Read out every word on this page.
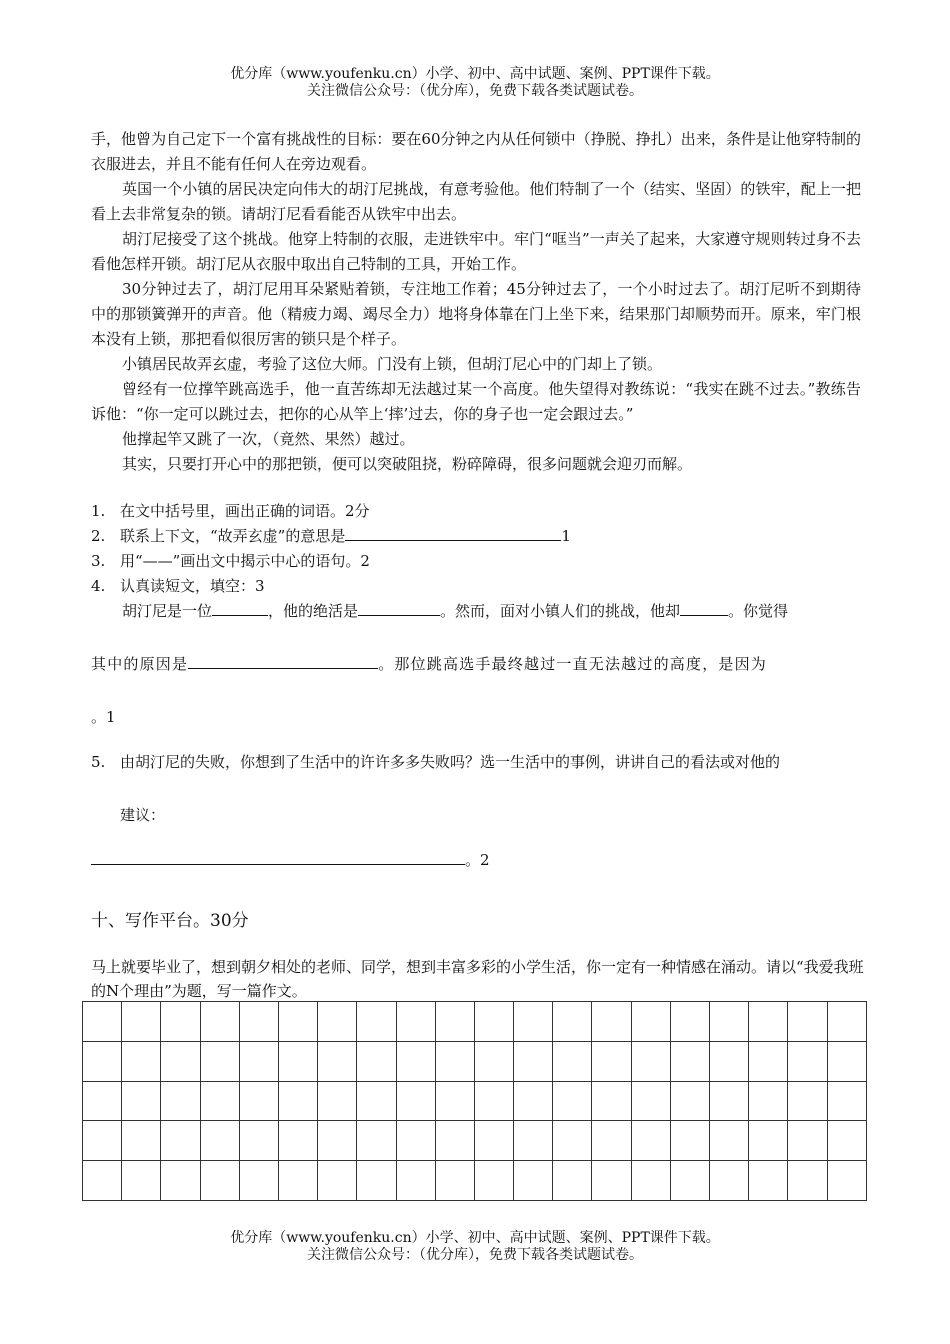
优分库（www.youfenku.cn）小学、初中、高中试题、案例、PPT课件下载。
关注微信公众号：（优分库），免费下载各类试题试卷。

手，他曾为自己定下一个富有挑战性的目标：要在60分钟之内从任何锁中（挣脱、挣扎）出来，条件是让他穿特制的衣服进去，并且不能有任何人在旁边观看。

英国一个小镇的居民决定向伟大的胡汀尼挑战，有意考验他。他们特制了一个（结实、坚固）的铁牢，配上一把看上去非常复杂的锁。请胡汀尼看看能否从铁牢中出去。

胡汀尼接受了这个挑战。他穿上特制的衣服，走进铁牢中。牢门“哐当”一声关了起来，大家遵守规则转过身不去看他怎样开锁。胡汀尼从衣服中取出自己特制的工具，开始工作。

30分钟过去了，胡汀尼用耳朵紧贴着锁，专注地工作着；45分钟过去了，一个小时过去了。胡汀尼听不到期待中的那锁簧弹开的声音。他（精疲力竭、竭尽全力）地将身体靠在门上坐下来，结果那门却顺势而开。原来，牢门根本没有上锁，那把看似很厉害的锁只是个样子。

小镇居民故弄玄虚，考验了这位大师。门没有上锁，但胡汀尼心中的门却上了锁。

曾经有一位撑竿跳高选手，他一直苦练却无法越过某一个高度。他失望得对教练说：“我实在跳不过去。”教练告诉他：“你一定可以跳过去，把你的心从竿上‘摔’过去，你的身子也一定会跟过去。”

他撑起竿又跳了一次，（竟然、果然）越过。

其实，只要打开心中的那把锁，便可以突破阻挠，粉碎障碍，很多问题就会迎刃而解。

1. 在文中括号里，画出正确的词语。2分
2. 联系上下文，“故弄玄虚”的意思是	1
3. 用“——”画出文中揭示中心的语句。2
4. 认真读短文，填空：3
胡汀尼是一位	，他的绝活是	。然而，面对小镇人们的挑战，他却	。你觉得
其中的原因是	。那位跳高选手最终越过一直无法越过的高度，是因为
。1
5. 由胡汀尼的失败，你想到了生活中的许许多多失败吗？选一生活中的事例，讲讲自己的看法或对他的
建议：
。2
十、写作平台。30分
马上就要毕业了，想到朝夕相处的老师、同学，想到丰富多彩的小学生活，你一定有一种情感在涌动。请以“我爱我班的N个理由”为题，写一篇作文。

优分库（www.youfenku.cn）小学、初中、高中试题、案例、PPT课件下载。
关注微信公众号：（优分库），免费下载各类试题试卷。
